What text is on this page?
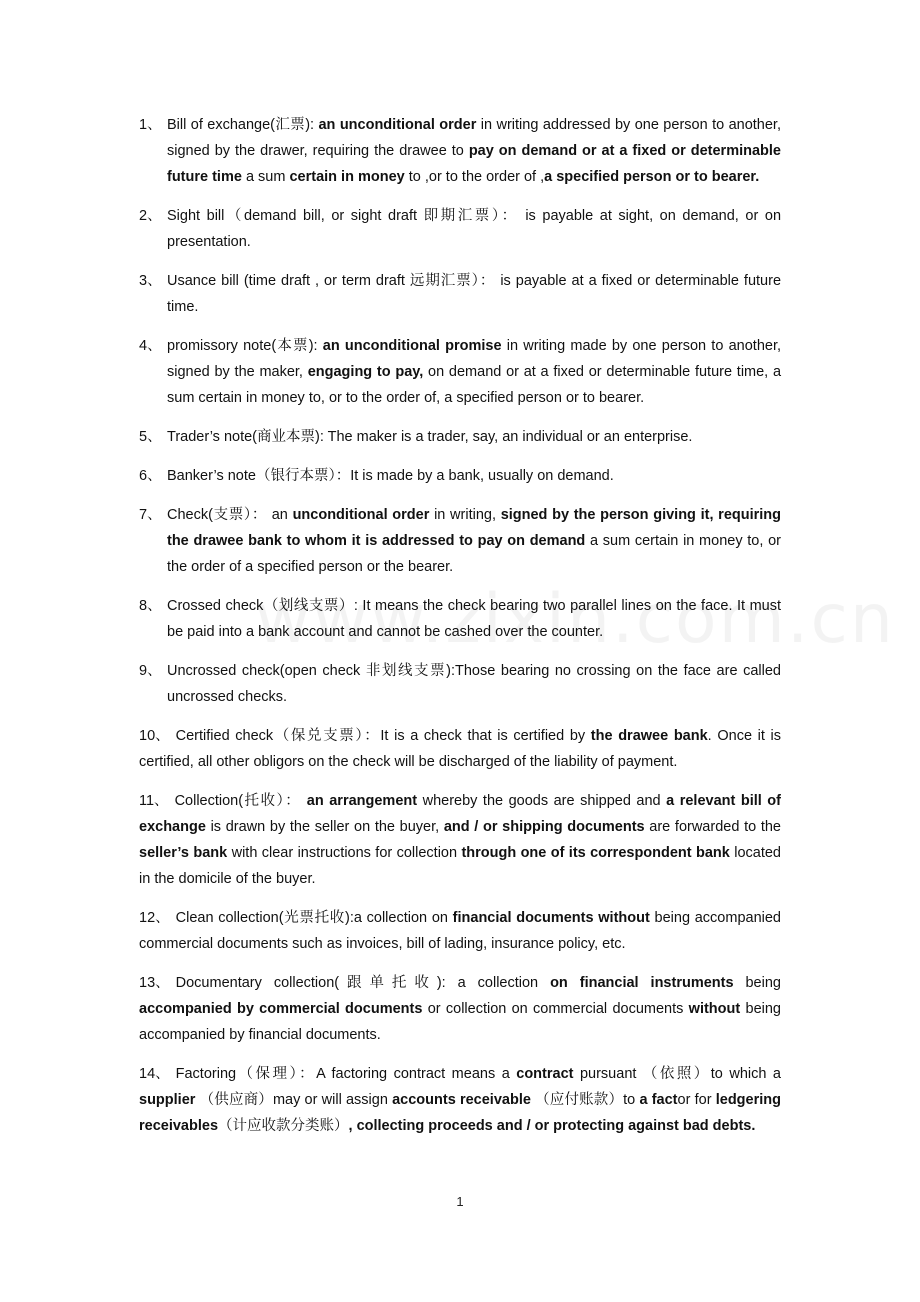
1、 Bill of exchange(汇票): an unconditional order in writing addressed by one person to another, signed by the drawer, requiring the drawee to pay on demand or at a fixed or determinable future time a sum certain in money to ,or to the order of ,a specified person or to bearer.
2、 Sight bill（demand bill, or sight draft 即期汇票）： is payable at sight, on demand, or on presentation.
3、 Usance bill (time draft , or term draft 远期汇票）： is payable at a fixed or determinable future time.
4、 promissory note(本票): an unconditional promise in writing made by one person to another, signed by the maker, engaging to pay, on demand or at a fixed or determinable future time, a sum certain in money to, or to the order of, a specified person or to bearer.
5、 Trader’s note(商业本票): The maker is a trader, say, an individual or an enterprise.
6、 Banker’s note（银行本票）：It is made by a bank, usually on demand.
7、 Check(支票）： an unconditional order in writing, signed by the person giving it, requiring the drawee bank to whom it is addressed to pay on demand a sum certain in money to, or the order of a specified person or the bearer.
8、 Crossed check（划线支票）: It means the check bearing two parallel lines on the face. It must be paid into a bank account and cannot be cashed over the counter.
9、 Uncrossed check(open check 非划线支票):Those bearing no crossing on the face are called uncrossed checks.
10、 Certified check（保兑支票）：It is a check that is certified by the drawee bank. Once it is certified, all other obligors on the check will be discharged of the liability of payment.
11、 Collection(托收）： an arrangement whereby the goods are shipped and a relevant bill of exchange is drawn by the seller on the buyer, and / or shipping documents are forwarded to the seller’s bank with clear instructions for collection through one of its correspondent bank located in the domicile of the buyer.
12、 Clean collection(光票托收):a collection on financial documents without being accompanied commercial documents such as invoices, bill of lading, insurance policy, etc.
13、 Documentary collection(跟单托收): a collection on financial instruments being accompanied by commercial documents or collection on commercial documents without being accompanied by financial documents.
14、 Factoring（保理）：A factoring contract means a contract pursuant （依照）to which a supplier （供应商）may or will assign accounts receivable （应付账款）to a factor for ledgering receivables（计应收款分类账）, collecting proceeds and / or protecting against bad debts.
1
